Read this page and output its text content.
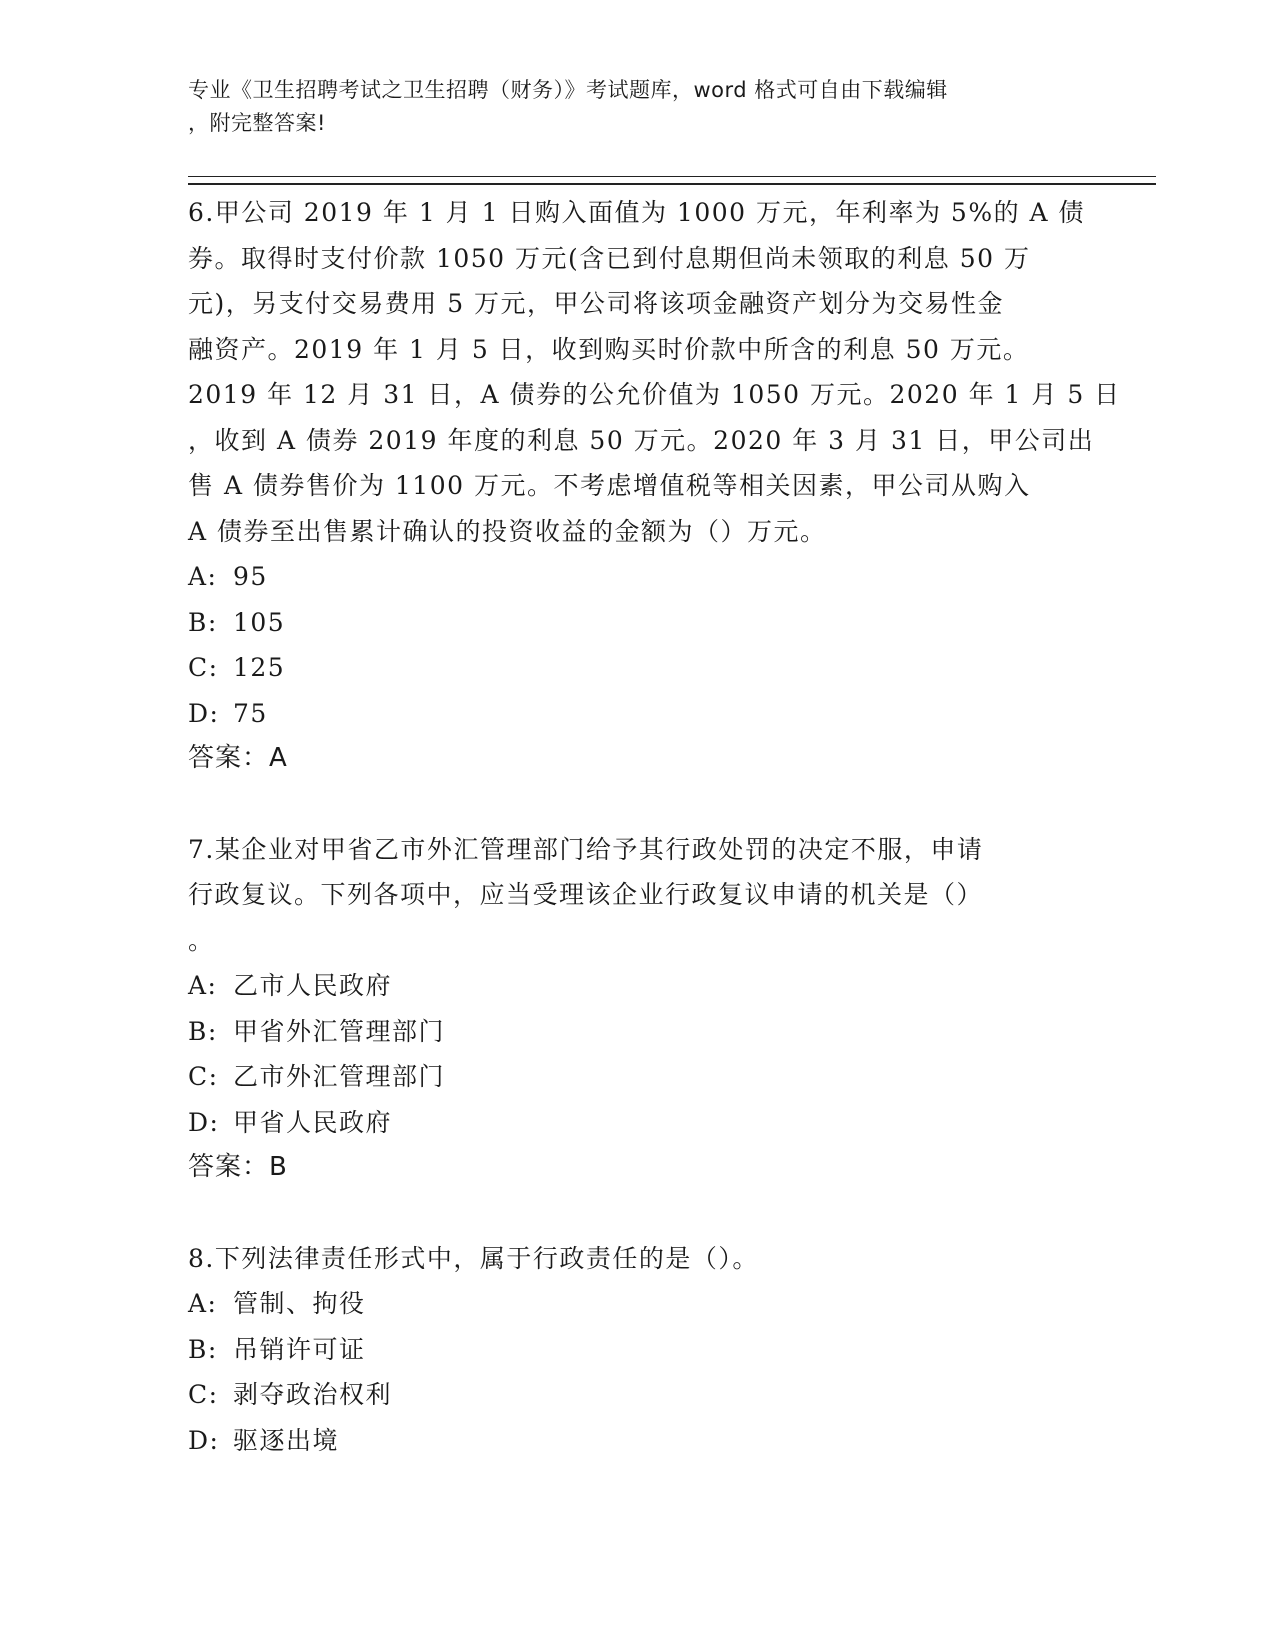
专业《卫生招聘考试之卫生招聘（财务）》考试题库，word 格式可自由下载编辑
，附完整答案!

6.甲公司 2019 年 1 月 1 日购入面值为 1000 万元，年利率为 5%的 A 债
券。取得时支付价款 1050 万元(含已到付息期但尚未领取的利息 50 万
元)，另支付交易费用 5 万元，甲公司将该项金融资产划分为交易性金
融资产。2019 年 1 月 5 日，收到购买时价款中所含的利息 50 万元。
2019 年 12 月 31 日，A 债券的公允价值为 1050 万元。2020 年 1 月 5 日
，收到 A 债券 2019 年度的利息 50 万元。2020 年 3 月 31 日，甲公司出
售 A 债券售价为 1100 万元。不考虑增值税等相关因素，甲公司从购入
A 债券至出售累计确认的投资收益的金额为（）万元。

A: 95
B: 105
C: 125
D: 75
答案：A

7.某企业对甲省乙市外汇管理部门给予其行政处罚的决定不服，申请
行政复议。下列各项中，应当受理该企业行政复议申请的机关是（）
。

A: 乙市人民政府
B: 甲省外汇管理部门
C: 乙市外汇管理部门
D: 甲省人民政府
答案：B

8.下列法律责任形式中，属于行政责任的是（）。

A: 管制、拘役
B: 吊销许可证
C: 剥夺政治权利
D: 驱逐出境
